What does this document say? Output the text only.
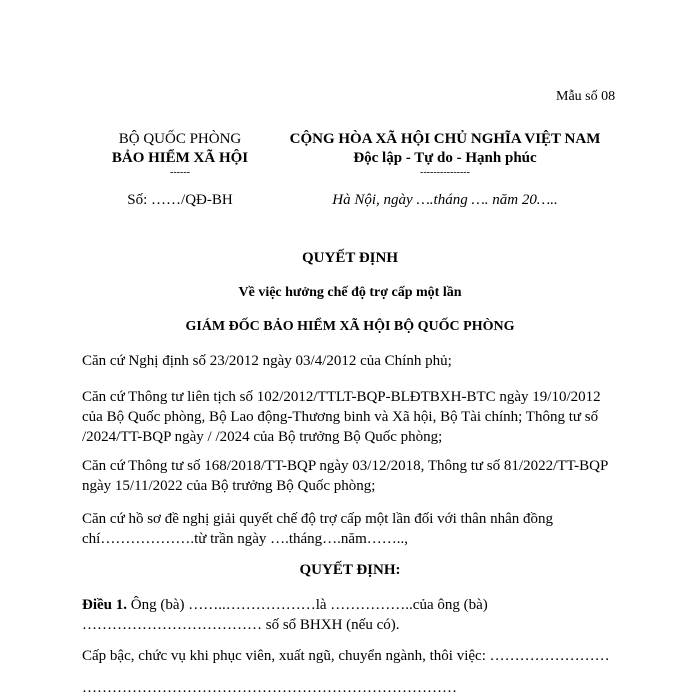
Mẫu số 08
BỘ QUỐC PHÒNG
BẢO HIỂM XÃ HỘI
------
Số: ……/QĐ-BH
CỘNG HÒA XÃ HỘI CHỦ NGHĨA VIỆT NAM
Độc lập - Tự do - Hạnh phúc
---------------
Hà Nội, ngày ….tháng …. năm 20…..
QUYẾT ĐỊNH
Về việc hưởng chế độ trợ cấp một lần
GIÁM ĐỐC BẢO HIỂM XÃ HỘI BỘ QUỐC PHÒNG
Căn cứ Nghị định số 23/2012 ngày 03/4/2012 của Chính phủ;
Căn cứ Thông tư liên tịch số 102/2012/TTLT-BQP-BLĐTBXH-BTC ngày 19/10/2012 của Bộ Quốc phòng, Bộ Lao động-Thương binh và Xã hội, Bộ Tài chính; Thông tư số /2024/TT-BQP ngày / /2024 của Bộ trưởng Bộ Quốc phòng;
Căn cứ Thông tư số 168/2018/TT-BQP ngày 03/12/2018, Thông tư số 81/2022/TT-BQP ngày 15/11/2022 của Bộ trưởng Bộ Quốc phòng;
Căn cứ hồ sơ đề nghị giải quyết chế độ trợ cấp một lần đối với thân nhân đồng chí……………….từ trần ngày ….tháng….năm……..,
QUYẾT ĐỊNH:
Điều 1. Ông (bà) ……..………………là ……………..của ông (bà) ……………………………… số sổ BHXH (nếu có).
Cấp bậc, chức vụ khi phục viên, xuất ngũ, chuyển ngành, thôi việc: ……………………
…………………………………………………………………
